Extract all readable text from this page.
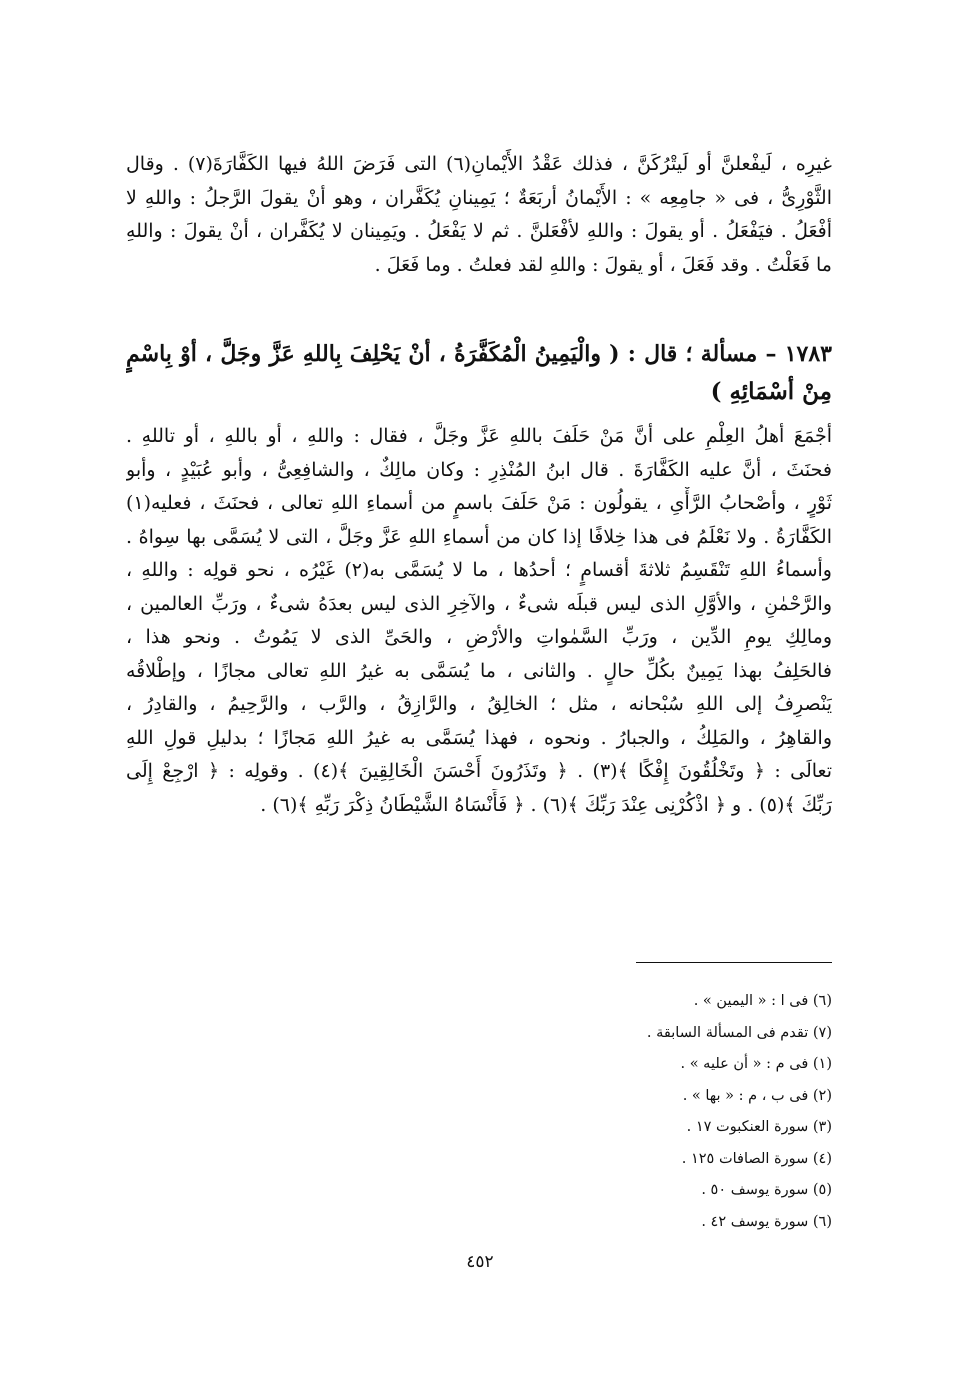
غيرِه ، لَيفْعلنَّ أو لَيتْرُكَنَّ ، فذلك عَقْدُ الأَيْمانِ(٦) التى فَرَضَ اللهُ فيها الكَفَّارَةَ(٧) . وقال
الثَّوْرِىُّ ، فى « جامِعِه » : الأَيْمانُ أربَعَةٌ ؛ يَمِينانِ يُكَفَّران ، وهو أنْ يقولَ الرَّجلُ : واللهِ لا
أفْعَلُ . فيَفْعَلُ . أو يقولَ : واللهِ لأفْعَلنَّ . ثم لا يَفْعَلُ . ويَمِينان لا يُكَفَّران ، أنْ يقولَ : واللهِ
ما فَعَلْتُ . وقد فَعَلَ ، أو يقولَ : واللهِ لقد فعلتُ . وما فَعَلَ .
١٧٨٣ – مسألة ؛ قال : ( والْيَمِينُ الْمُكَفَّرَةُ ، أنْ يَحْلِفَ بِاللهِ عَزَّ وجَلَّ ، أوْ بِاسْمٍ
مِنْ أسْمَائِهِ )
أجْمَعَ أهلُ العِلْمِ على أنَّ مَنْ حَلَفَ باللهِ عَزَّ وجَلَّ ، فقال : واللهِ ، أو باللهِ ، أو تاللهِ .
فحنَثَ ، أنَّ عليه الكَفَّارَةَ . قال ابنُ المُنْذِرِ : وكان مالِكٌ ، والشافِعِىُّ ، وأبو عُبَيْدٍ ، وأبو
ثَوْرٍ ، وأصْحابُ الرَّأْىِ ، يقولُون : مَنْ حَلَفَ باسمٍ من أسماءِ اللهِ تعالى ، فحنَثَ ، فعليه(١)
الكَفَّارَةُ . ولا نَعْلَمُ فى هذا خِلافًا إذا كان من أسماءِ اللهِ عَزَّ وجَلَّ ، التى لا يُسَمَّى بها سِواهُ .
وأسماءُ اللهِ تَنْقَسِمُ ثلاثةَ أقسامٍ ؛ أحدُها ، ما لا يُسَمَّى به(٢) غَيْرُه ، نحو قولِه : واللهِ ،
والرَّحْمٰنِ ، والأوَّلِ الذى ليس قبلَه شىءٌ ، والآخِرِ الذى ليس بعدَهُ شىءٌ ، ورَبِّ العالمين ،
ومالِكِ يومِ الدِّين ، ورَبِّ السَّمٰواتِ والأرْضِ ، والحَىِّ الذى لا يَمُوتُ . ونحو هذا ،
فالحَلِفُ بهذا يَمِينٌ بكُلِّ حالٍ . والثانى ، ما يُسَمَّى به غيرُ اللهِ تعالى مجازًا ، وإطْلاقُه
يَنْصرِفُ إلى اللهِ سُبْحانه ، مثل ؛ الخالِقُ ، والرَّازِقُ ، والرَّب ، والرَّحِيمُ ، والقادِرُ ،
والقاهِرُ ، والمَلِكُ ، والجبارُ . ونحوه ، فهذا يُسَمَّى به غيرُ اللهِ مَجازًا ؛ بدليلِ قولِ اللهِ
تعالَى : ﴿ وتَخْلُقُونَ إِفْكًا ﴾(٣) . ﴿ وتَذَرُونَ أَحْسَنَ الْخَالِقِينَ ﴾(٤) . وقولِه : ﴿ ارْجِعْ إِلَى
رَبِّكَ ﴾(٥) . و ﴿ اذْكُرْنِى عِنْدَ رَبِّكَ ﴾(٦) . ﴿ فَأَنْسَاهُ الشَّيْطَانُ ذِكْرَ رَبِّهِ ﴾(٦) .
(٦) فى ا : « اليمين » .
(٧) تقدم فى المسألة السابقة .
(١) فى م : « أن عليه » .
(٢) فى ب ، م : « بها » .
(٣) سورة العنكبوت ١٧ .
(٤) سورة الصافات ١٢٥ .
(٥) سورة يوسف ٥٠ .
(٦) سورة يوسف ٤٢ .
٤٥٢
